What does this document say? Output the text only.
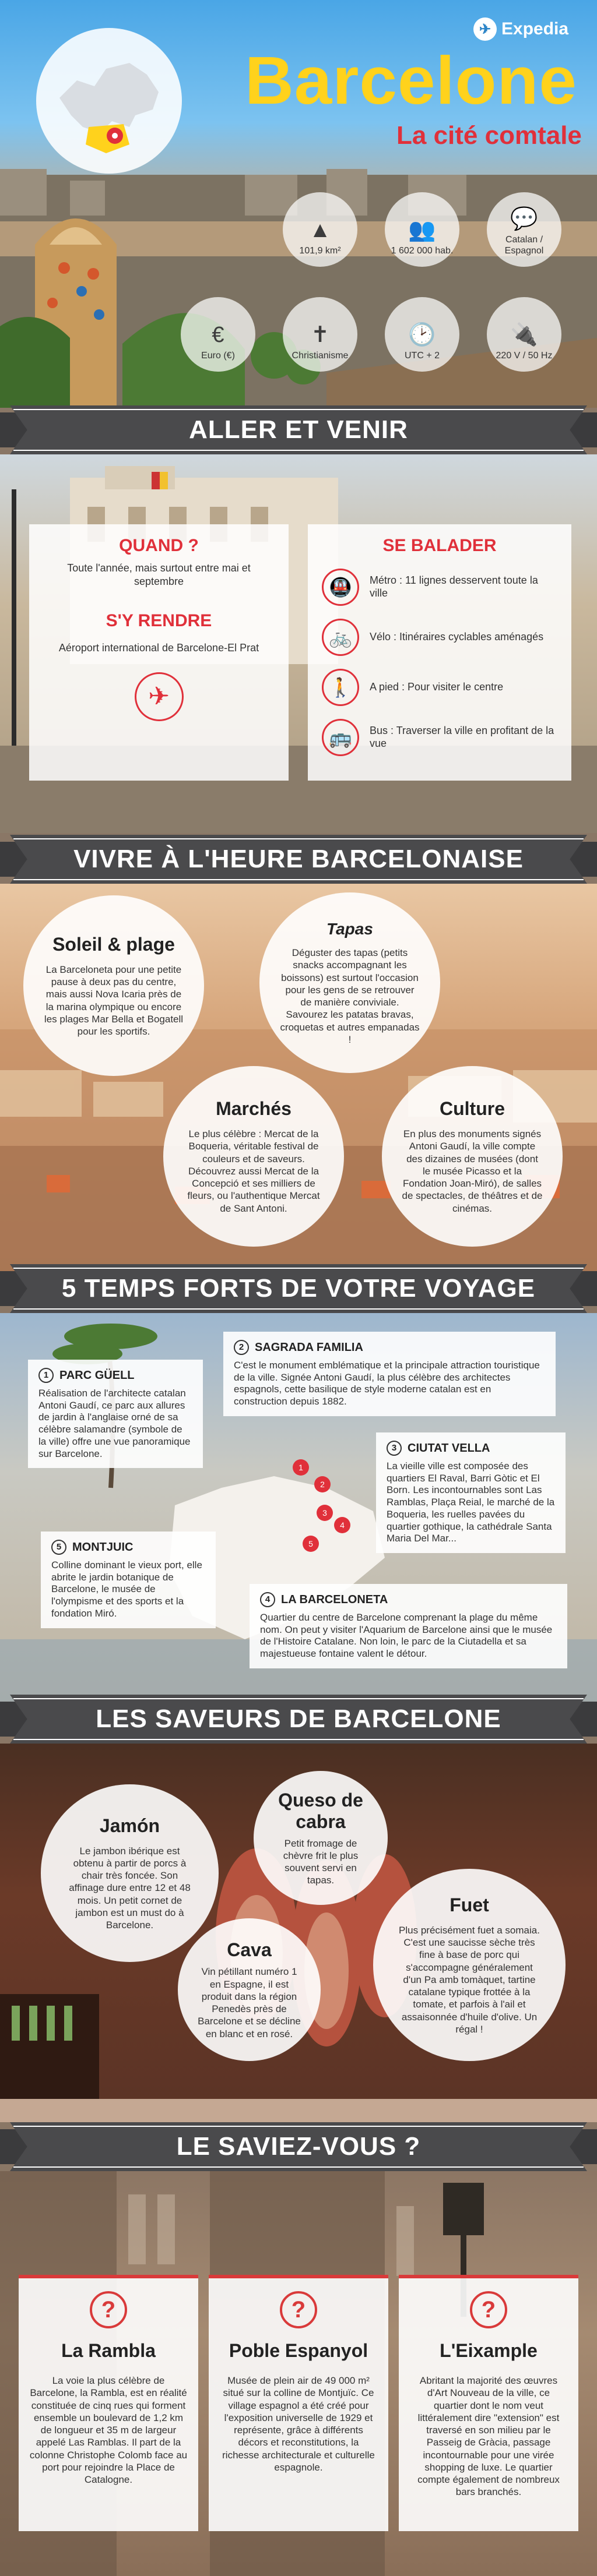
✈ Expedia
Barcelone
La cité comtale
▲
101,9 km²
👥
1 602 000 hab.
💬
Catalan / Espagnol
€
Euro (€)
✝
Christianisme
🕑
UTC + 2
🔌
220 V / 50 Hz
ALLER ET VENIR
QUAND ?
Toute l'année, mais surtout entre mai et septembre
S'Y RENDRE
Aéroport international de Barcelone-El Prat
✈
SE BALADER
🚇	Métro : 11 lignes desservent toute la ville
🚲	Vélo : Itinéraires cyclables aménagés
🚶	A pied : Pour visiter le centre
🚌	Bus : Traverser la ville en profitant de la vue
VIVRE À L'HEURE BARCELONAISE
Soleil & plage

La Barceloneta pour une petite pause à deux pas du centre, mais aussi Nova Icaria près de la marina olympique ou encore les plages Mar Bella et Bogatell pour les sportifs.

Tapas

Déguster des tapas (petits snacks accompagnant les boissons) est surtout l'occasion pour les gens de se retrouver de manière conviviale. Savourez les patatas bravas, croquetas et autres empanadas !

Marchés

Le plus célèbre : Mercat de la Boqueria, véritable festival de couleurs et de saveurs. Découvrez aussi Mercat de la Concepció et ses milliers de fleurs, ou l'authentique Mercat de Sant Antoni.

Culture

En plus des monuments signés Antoni Gaudí, la ville compte des dizaines de musées (dont le musée Picasso et la Fondation Joan-Miró), de salles de spectacles, de théâtres et de cinémas.

5 TEMPS FORTS DE VOTRE VOYAGE
1
2
3
4
5
1 PARC GÜELL

Réalisation de l'architecte catalan Antoni Gaudí, ce parc aux allures de jardin à l'anglaise orné de sa célèbre salamandre (symbole de la ville) offre une vue panoramique sur Barcelone.

2 SAGRADA FAMILIA

C'est le monument emblématique et la principale attraction touristique de la ville. Signée Antoni Gaudí, la plus célèbre des architectes espagnols, cette basilique de style moderne catalan est en construction depuis 1882.

3 CIUTAT VELLA

La vieille ville est composée des quartiers El Raval, Barri Gòtic et El Born. Les incontournables sont Las Ramblas, Plaça Reial, le marché de la Boqueria, les ruelles pavées du quartier gothique, la cathédrale Santa Maria Del Mar...

5 MONTJUIC

Colline dominant le vieux port, elle abrite le jardin botanique de Barcelone, le musée de l'olympisme et des sports et la fondation Miró.

4 LA BARCELONETA

Quartier du centre de Barcelone comprenant la plage du même nom. On peut y visiter l'Aquarium de Barcelone ainsi que le musée de l'Histoire Catalane. Non loin, le parc de la Ciutadella et sa majestueuse fontaine valent le détour.

LES SAVEURS DE BARCELONE
Jamón

Le jambon ibérique est obtenu à partir de porcs à chair très foncée. Son affinage dure entre 12 et 48 mois. Un petit cornet de jambon est un must do à Barcelone.

Queso de cabra

Petit fromage de chèvre frit le plus souvent servi en tapas.

Cava

Vin pétillant numéro 1 en Espagne, il est produit dans la région Penedès près de Barcelone et se décline en blanc et en rosé.

Fuet

Plus précisément fuet a somaia. C'est une saucisse sèche très fine à base de porc qui s'accompagne généralement d'un Pa amb tomàquet, tartine catalane typique frottée à la tomate, et parfois à l'ail et assaisonnée d'huile d'olive. Un régal !

LE SAVIEZ-VOUS ?
?
La Rambla

La voie la plus célèbre de Barcelone, la Rambla, est en réalité constituée de cinq rues qui forment ensemble un boulevard de 1,2 km de longueur et 35 m de largeur appelé Las Ramblas. Il part de la colonne Christophe Colomb face au port pour rejoindre la Place de Catalogne.

?
Poble Espanyol

Musée de plein air de 49 000 m² situé sur la colline de Montjuïc. Ce village espagnol a été créé pour l'exposition universelle de 1929 et représente, grâce à différents décors et reconstitutions, la richesse architecturale et culturelle espagnole.

?
L'Eixample

Abritant la majorité des œuvres d'Art Nouveau de la ville, ce quartier dont le nom veut littéralement dire "extension" est traversé en son milieu par le Passeig de Gràcia, passage incontournable pour une virée shopping de luxe. Le quartier compte également de nombreux bars branchés.
